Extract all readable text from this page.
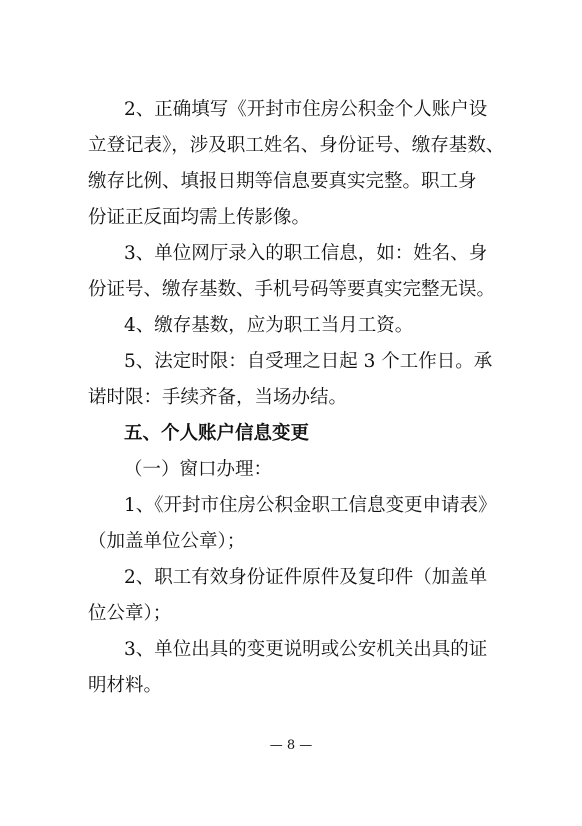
2、正确填写《开封市住房公积金个人账户设
立登记表》，涉及职工姓名、身份证号、缴存基数、
缴存比例、填报日期等信息要真实完整。职工身
份证正反面均需上传影像。
3、单位网厅录入的职工信息，如：姓名、身
份证号、缴存基数、手机号码等要真实完整无误。
4、缴存基数，应为职工当月工资。
5、法定时限：自受理之日起 3 个工作日。承
诺时限：手续齐备，当场办结。
五、个人账户信息变更
（一）窗口办理：
1、《开封市住房公积金职工信息变更申请表》
（加盖单位公章）；
2、职工有效身份证件原件及复印件（加盖单
位公章）；
3、单位出具的变更说明或公安机关出具的证
明材料。
— 8 —
